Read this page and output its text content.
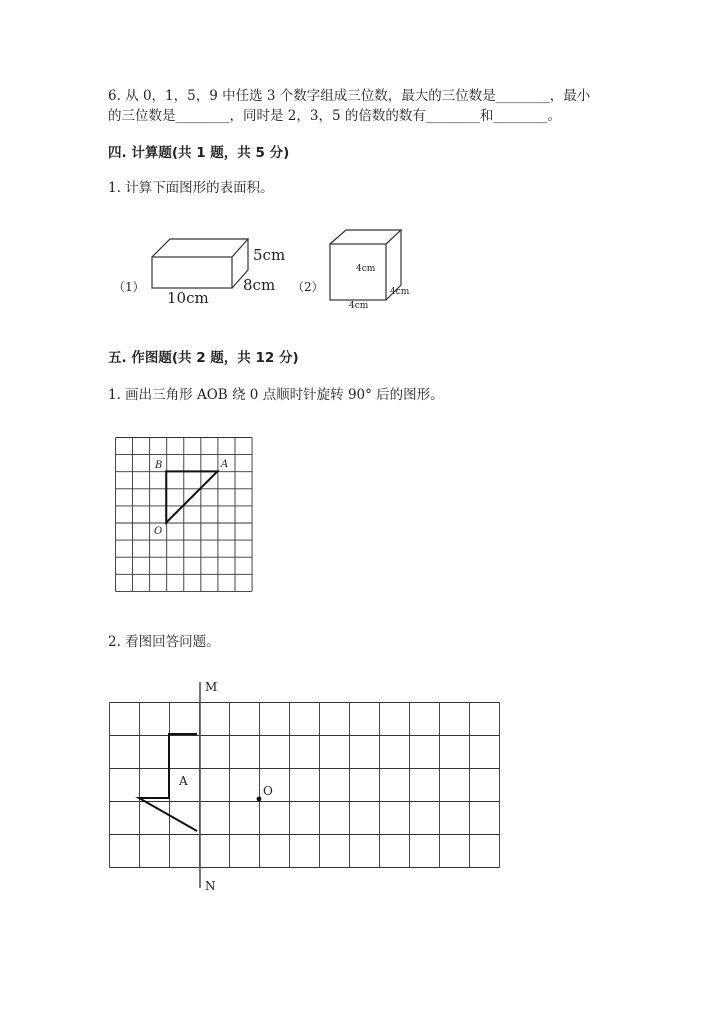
6. 从 0，1，5，9 中任选 3 个数字组成三位数，最大的三位数是________，最小
的三位数是________，同时是 2，3，5 的倍数的数有________和________。
四. 计算题(共 1 题，共 5 分)
1. 计算下面图形的表面积。
（1）
5cm
8cm
10cm
（2）
4cm
4cm
4cm
五. 作图题(共 2 题，共 12 分)
1. 画出三角形 AOB 绕 0 点顺时针旋转 90° 后的图形。
B	A
O
2. 看图回答问题。
M
N
A
O
